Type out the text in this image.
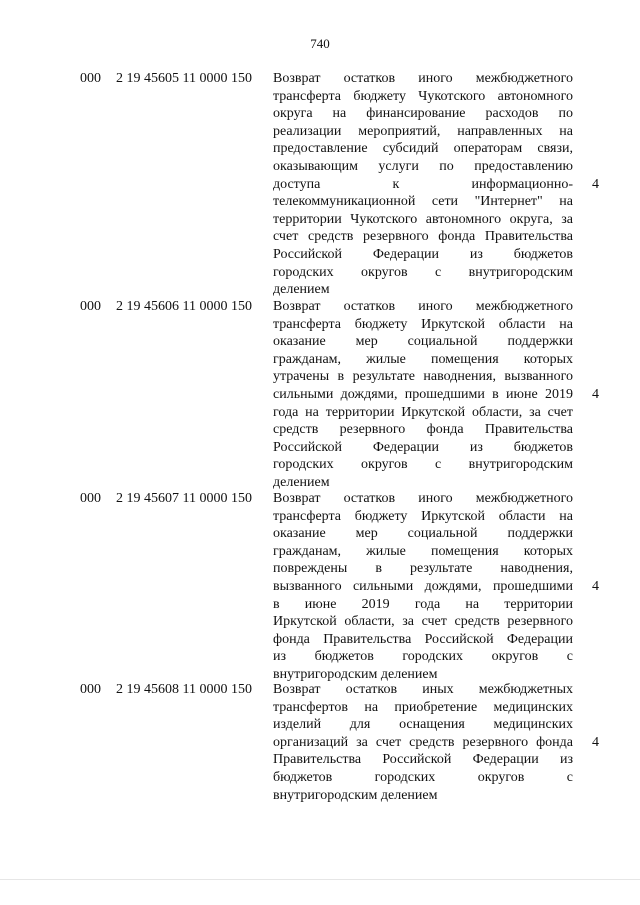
740
000 2 19 45605 11 0000 150 Возврат остатков иного межбюджетного
трансферта бюджету Чукотского автономного
округа на финансирование расходов по
реализации мероприятий, направленных на
предоставление субсидий операторам связи,
оказывающим услуги по предоставлению
доступа к информационно-
телекоммуникационной сети "Интернет" на
территории Чукотского автономного округа, за
счет средств резервного фонда Правительства
Российской Федерации из бюджетов
городских округов с внутригородским
делением
4
000 2 19 45606 11 0000 150 Возврат остатков иного межбюджетного
трансферта бюджету Иркутской области на
оказание мер социальной поддержки
гражданам, жилые помещения которых
утрачены в результате наводнения, вызванного
сильными дождями, прошедшими в июне 2019
года на территории Иркутской области, за счет
средств резервного фонда Правительства
Российской Федерации из бюджетов
городских округов с внутригородским
делением
4
000 2 19 45607 11 0000 150 Возврат остатков иного межбюджетного
трансферта бюджету Иркутской области на
оказание мер социальной поддержки
гражданам, жилые помещения которых
повреждены в результате наводнения,
вызванного сильными дождями, прошедшими
в июне 2019 года на территории
Иркутской области, за счет средств резервного
фонда Правительства Российской Федерации
из бюджетов городских округов с
внутригородским делением
4
000 2 19 45608 11 0000 150 Возврат остатков иных межбюджетных
трансфертов на приобретение медицинских
изделий для оснащения медицинских
организаций за счет средств резервного фонда
Правительства Российской Федерации из
бюджетов городских округов с
внутригородским делением
4
